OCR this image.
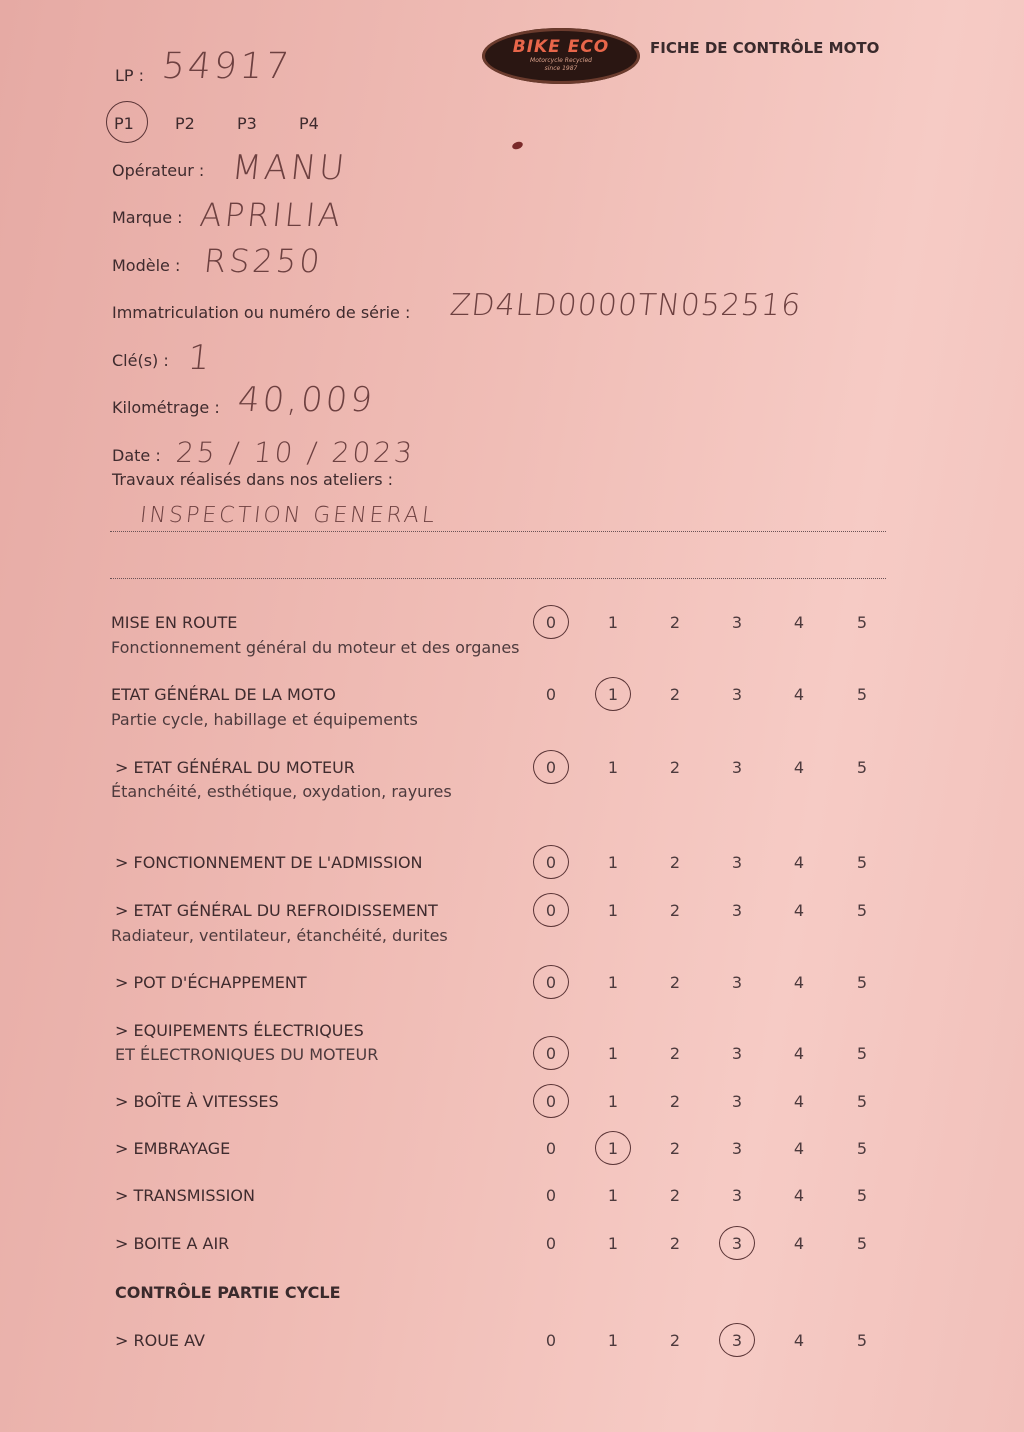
BIKE ECO
Motorcycle Recycled
since 1987
FICHE DE CONTRÔLE MOTO
LP : 54917
P1	P2	P3	P4
Opérateur : MANU
Marque : APRILIA
Modèle : RS250
Immatriculation ou numéro de série : ZD4LD0000TN052516
Clé(s) : 1
Kilométrage : 40,009
Date : 25 / 10 / 2023
Travaux réalisés dans nos ateliers :
INSPECTION GENERAL
MISE EN ROUTE
Fonctionnement général du moteur et des organes
0	1	2	3	4	5
ETAT GÉNÉRAL DE LA MOTO
Partie cycle, habillage et équipements
0	1	2	3	4	5
> ETAT GÉNÉRAL DU MOTEUR
Étanchéité, esthétique, oxydation, rayures
0	1	2	3	4	5
> FONCTIONNEMENT DE L'ADMISSION	0	1	2	3	4	5
> ETAT GÉNÉRAL DU REFROIDISSEMENT
Radiateur, ventilateur, étanchéité, durites
0	1	2	3	4	5
> POT D'ÉCHAPPEMENT	0	1	2	3	4	5
> EQUIPEMENTS ÉLECTRIQUES
ET ÉLECTRONIQUES DU MOTEUR	0	1	2	3	4	5
> BOÎTE À VITESSES	0	1	2	3	4	5
> EMBRAYAGE	0	1	2	3	4	5
> TRANSMISSION	0	1	2	3	4	5
> BOITE A AIR	0	1	2	3	4	5
> ROUE AV	0	1	2	3	4	5
CONTRÔLE PARTIE CYCLE
